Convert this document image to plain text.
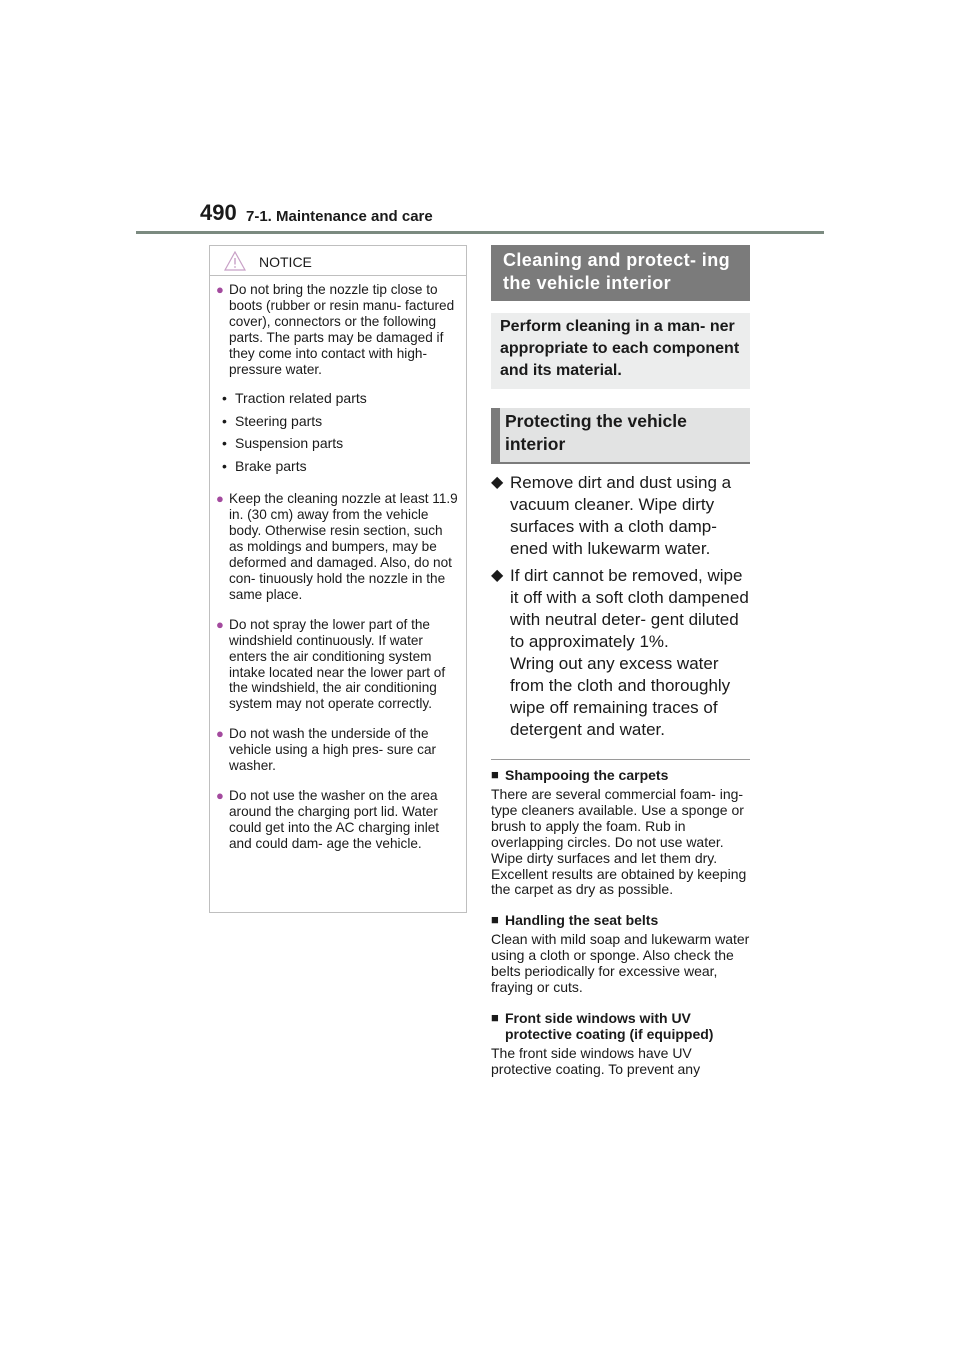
490 7-1. Maintenance and care
NOTICE
● Do not bring the nozzle tip close to boots (rubber or resin manu- factured cover), connectors or the following parts. The parts may be damaged if they come into contact with high-pressure water.
• Traction related parts
• Steering parts
• Suspension parts
• Brake parts
● Keep the cleaning nozzle at least 11.9 in. (30 cm) away from the vehicle body. Otherwise resin section, such as moldings and bumpers, may be deformed and damaged. Also, do not con- tinuously hold the nozzle in the same place.
● Do not spray the lower part of the windshield continuously. If water enters the air conditioning system intake located near the lower part of the windshield, the air conditioning system may not operate correctly.
● Do not wash the underside of the vehicle using a high pres- sure car washer.
● Do not use the washer on the area around the charging port lid. Water could get into the AC charging inlet and could dam- age the vehicle.
Cleaning and protect- ing the vehicle interior
Perform cleaning in a man- ner appropriate to each component and its material.
Protecting the vehicle interior
◆ Remove dirt and dust using a vacuum cleaner. Wipe dirty surfaces with a cloth damp- ened with lukewarm water.
◆ If dirt cannot be removed, wipe it off with a soft cloth dampened with neutral deter- gent diluted to approximately 1%.
Wring out any excess water from the cloth and thoroughly wipe off remaining traces of detergent and water.
■ Shampooing the carpets
There are several commercial foam- ing-type cleaners available. Use a sponge or brush to apply the foam. Rub in overlapping circles. Do not use water. Wipe dirty surfaces and let them dry. Excellent results are obtained by keeping the carpet as dry as possible.
■ Handling the seat belts
Clean with mild soap and lukewarm water using a cloth or sponge. Also check the belts periodically for excessive wear, fraying or cuts.
■ Front side windows with UV protective coating (if equipped)
The front side windows have UV protective coating. To prevent any
